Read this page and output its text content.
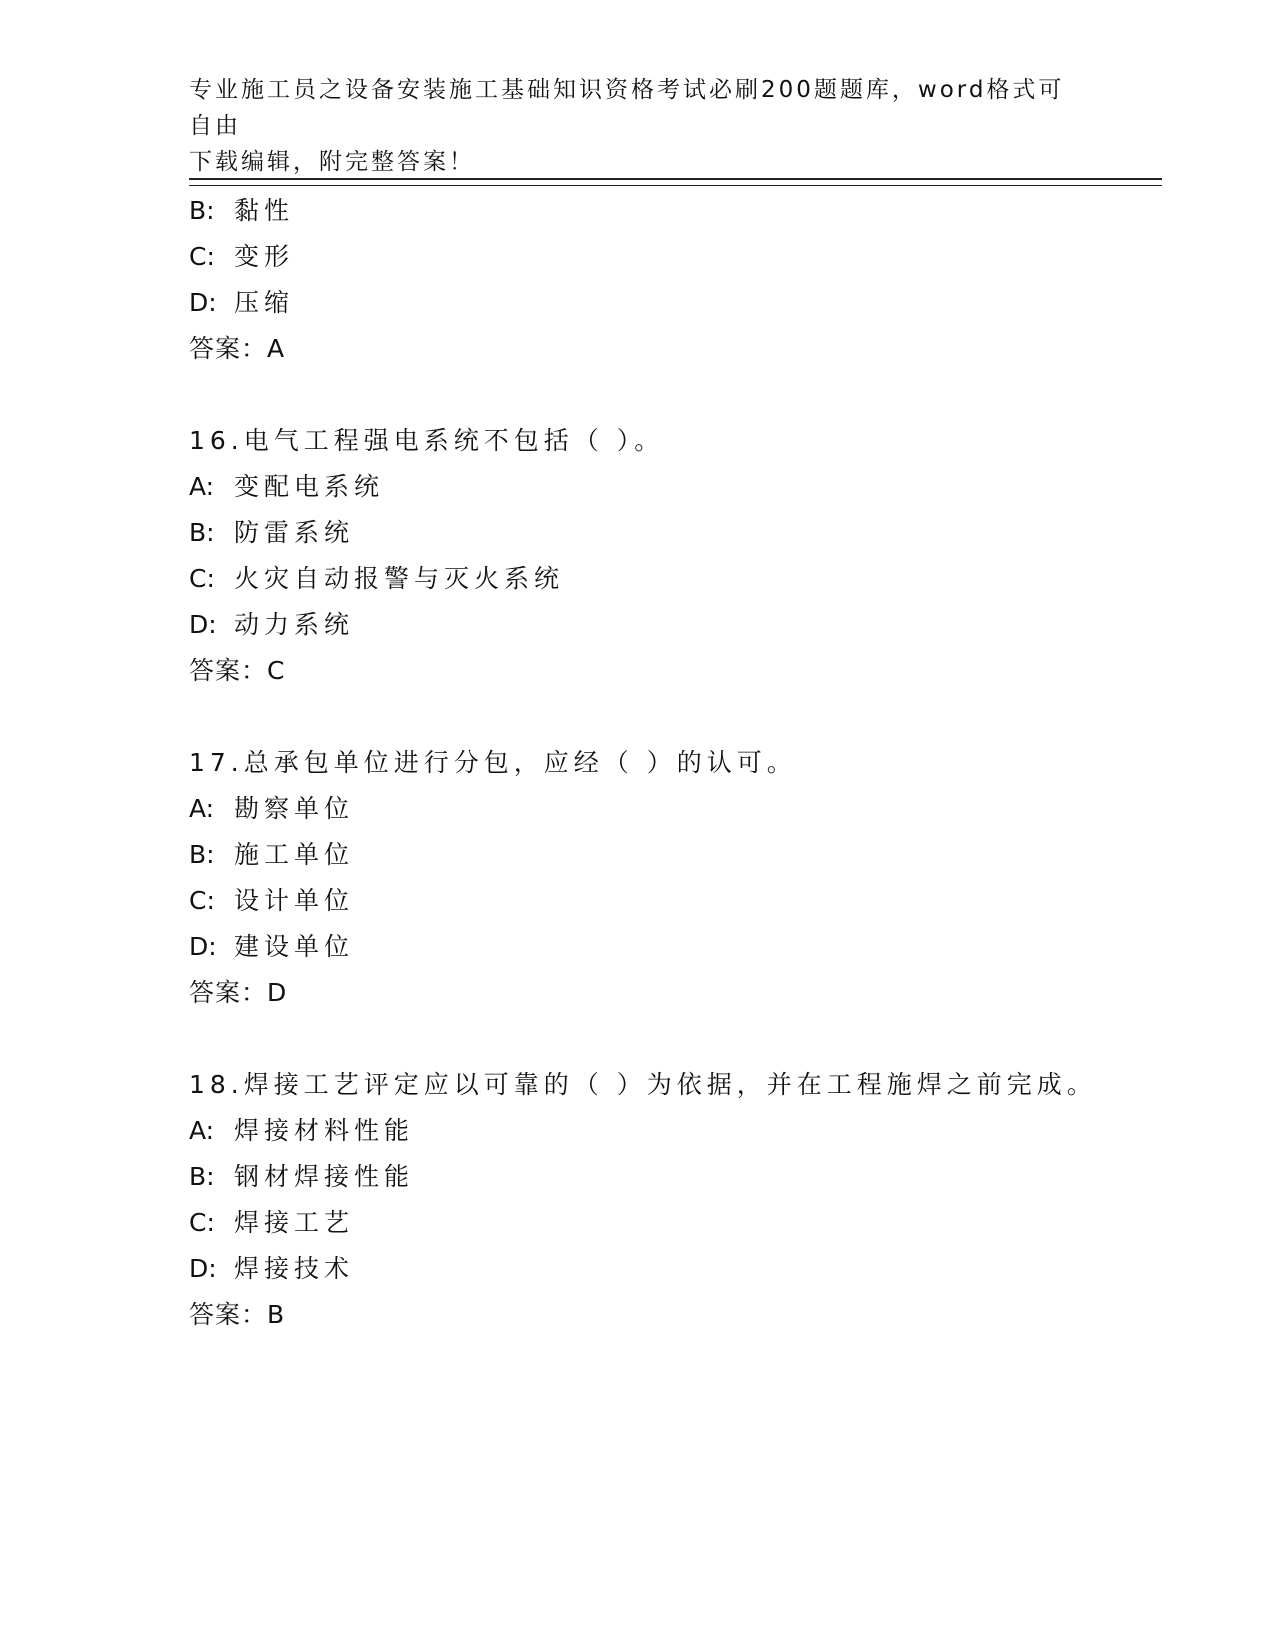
专业施工员之设备安装施工基础知识资格考试必刷200题题库，word格式可自由
下载编辑，附完整答案！
B: 黏性
C: 变形
D: 压缩
答案：A
16.电气工程强电系统不包括（ ）。
A: 变配电系统
B: 防雷系统
C: 火灾自动报警与灭火系统
D: 动力系统
答案：C
17.总承包单位进行分包，应经（ ）的认可。
A: 勘察单位
B: 施工单位
C: 设计单位
D: 建设单位
答案：D
18.焊接工艺评定应以可靠的（ ）为依据，并在工程施焊之前完成。
A: 焊接材料性能
B: 钢材焊接性能
C: 焊接工艺
D: 焊接技术
答案：B
